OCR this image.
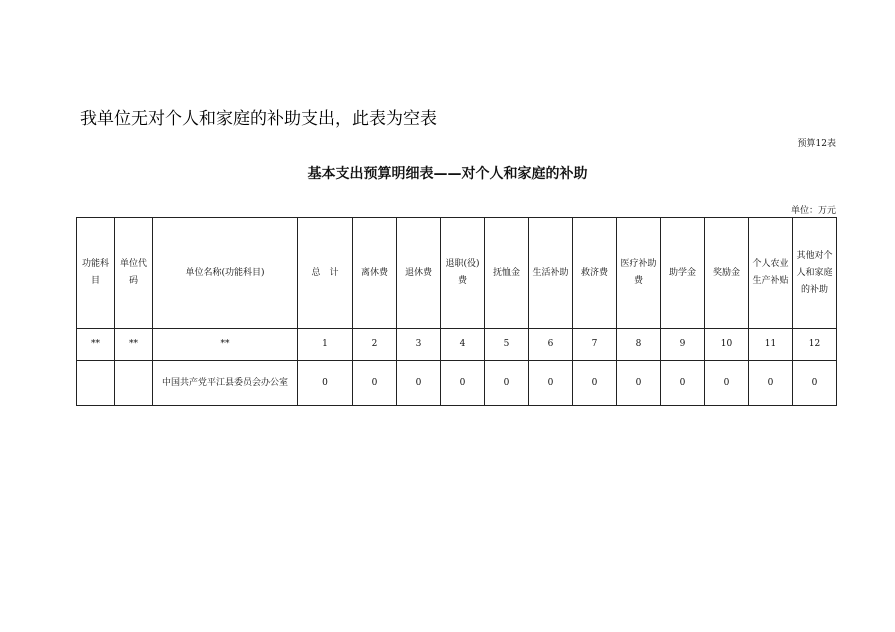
我单位无对个人和家庭的补助支出，此表为空表
预算12表
基本支出预算明细表——对个人和家庭的补助
单位：万元
功能科目	单位代码	单位名称(功能科目)	总　计	离休费	退休费	退职(役)费	抚恤金	生活补助	救济费	医疗补助费	助学金	奖励金	个人农业生产补贴	其他对个人和家庭的补助
**	**	**	1	2	3	4	5	6	7	8	9	10	11	12
		中国共产党平江县委员会办公室	0	0	0	0	0	0	0	0	0	0	0	0
